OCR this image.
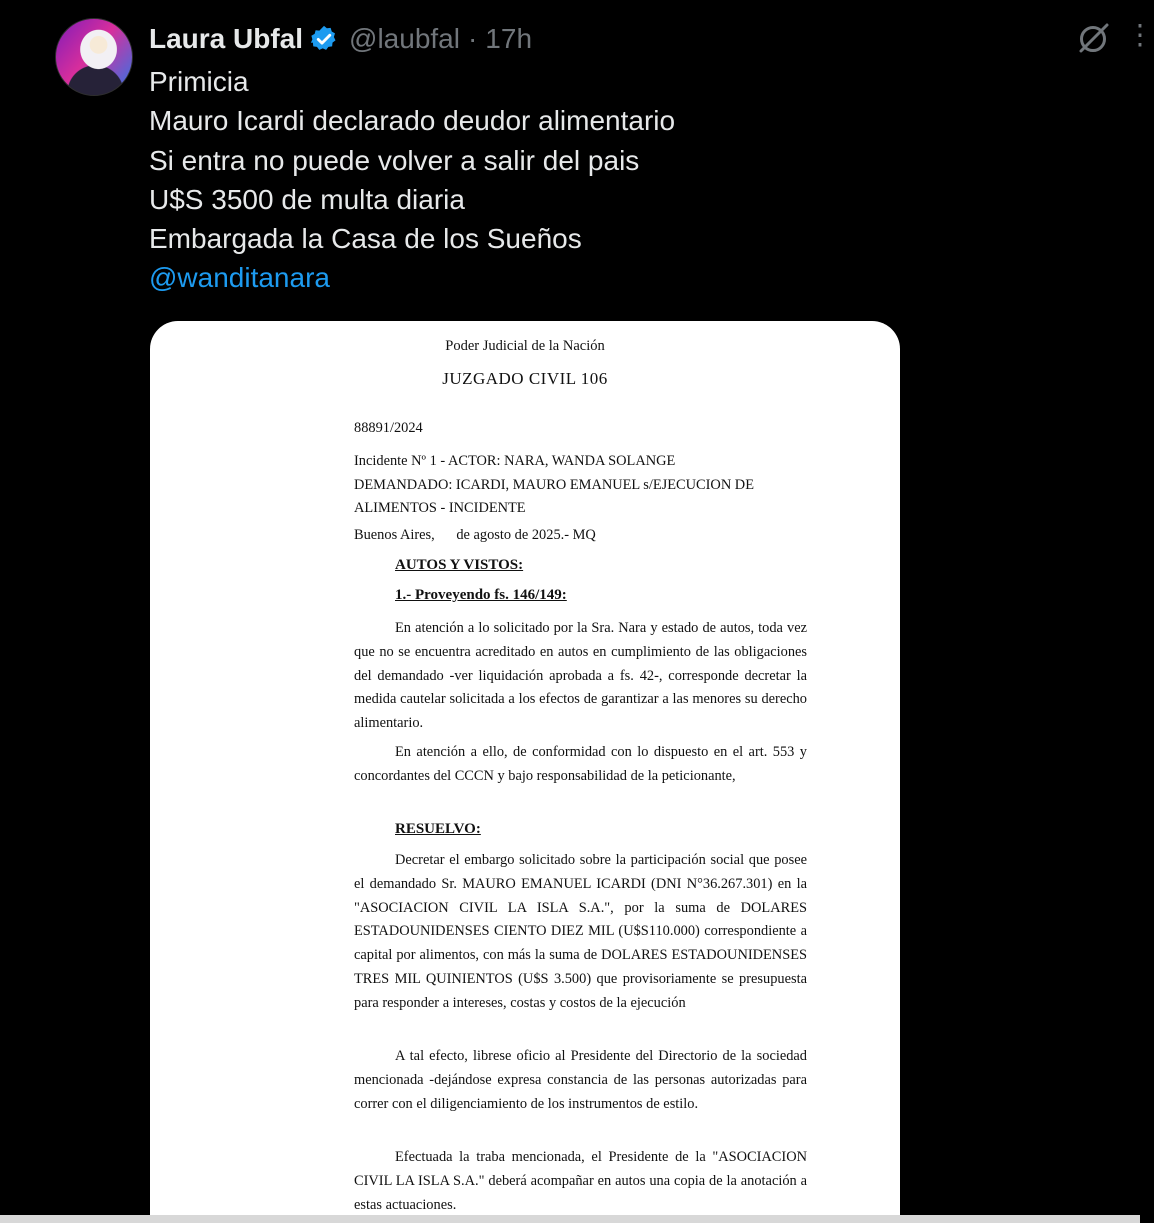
Laura Ubfal @laubfal · 17h	⋮
Primicia
Mauro Icardi declarado deudor alimentario
Si entra no puede volver a salir del pais
U$S 3500 de multa diaria
Embargada la Casa de los Sueños
@wanditanara
Poder Judicial de la Nación
JUZGADO CIVIL 106
88891/2024
Incidente Nº 1 - ACTOR: NARA, WANDA SOLANGE
DEMANDADO: ICARDI, MAURO EMANUEL s/EJECUCION DE
ALIMENTOS - INCIDENTE
Buenos Aires,      de agosto de 2025.- MQ
AUTOS Y VISTOS:
1.- Proveyendo fs. 146/149:
En atención a lo solicitado por la Sra. Nara y estado de autos, toda vez que no se encuentra acreditado en autos en cumplimiento de las obligaciones del demandado -ver liquidación aprobada a fs. 42-, corresponde decretar la medida cautelar solicitada a los efectos de garantizar a las menores su derecho alimentario.
En atención a ello, de conformidad con lo dispuesto en el art. 553 y concordantes del CCCN y bajo responsabilidad de la peticionante,
RESUELVO:
Decretar el embargo solicitado sobre la participación social que posee el demandado Sr. MAURO EMANUEL ICARDI (DNI N°36.267.301) en la "ASOCIACION CIVIL LA ISLA S.A.", por la suma de DOLARES ESTADOUNIDENSES CIENTO DIEZ MIL (U$S110.000) correspondiente a capital por alimentos, con más la suma de DOLARES ESTADOUNIDENSES TRES MIL QUINIENTOS (U$S 3.500) que provisoriamente se presupuesta para responder a intereses, costas y costos de la ejecución
A tal efecto, librese oficio al Presidente del Directorio de la sociedad mencionada -dejándose expresa constancia de las personas autorizadas para correr con el diligenciamiento de los instrumentos de estilo.
Efectuada la traba mencionada, el Presidente de la "ASOCIACION CIVIL LA ISLA S.A." deberá acompañar en autos una copia de la anotación a estas actuaciones.
